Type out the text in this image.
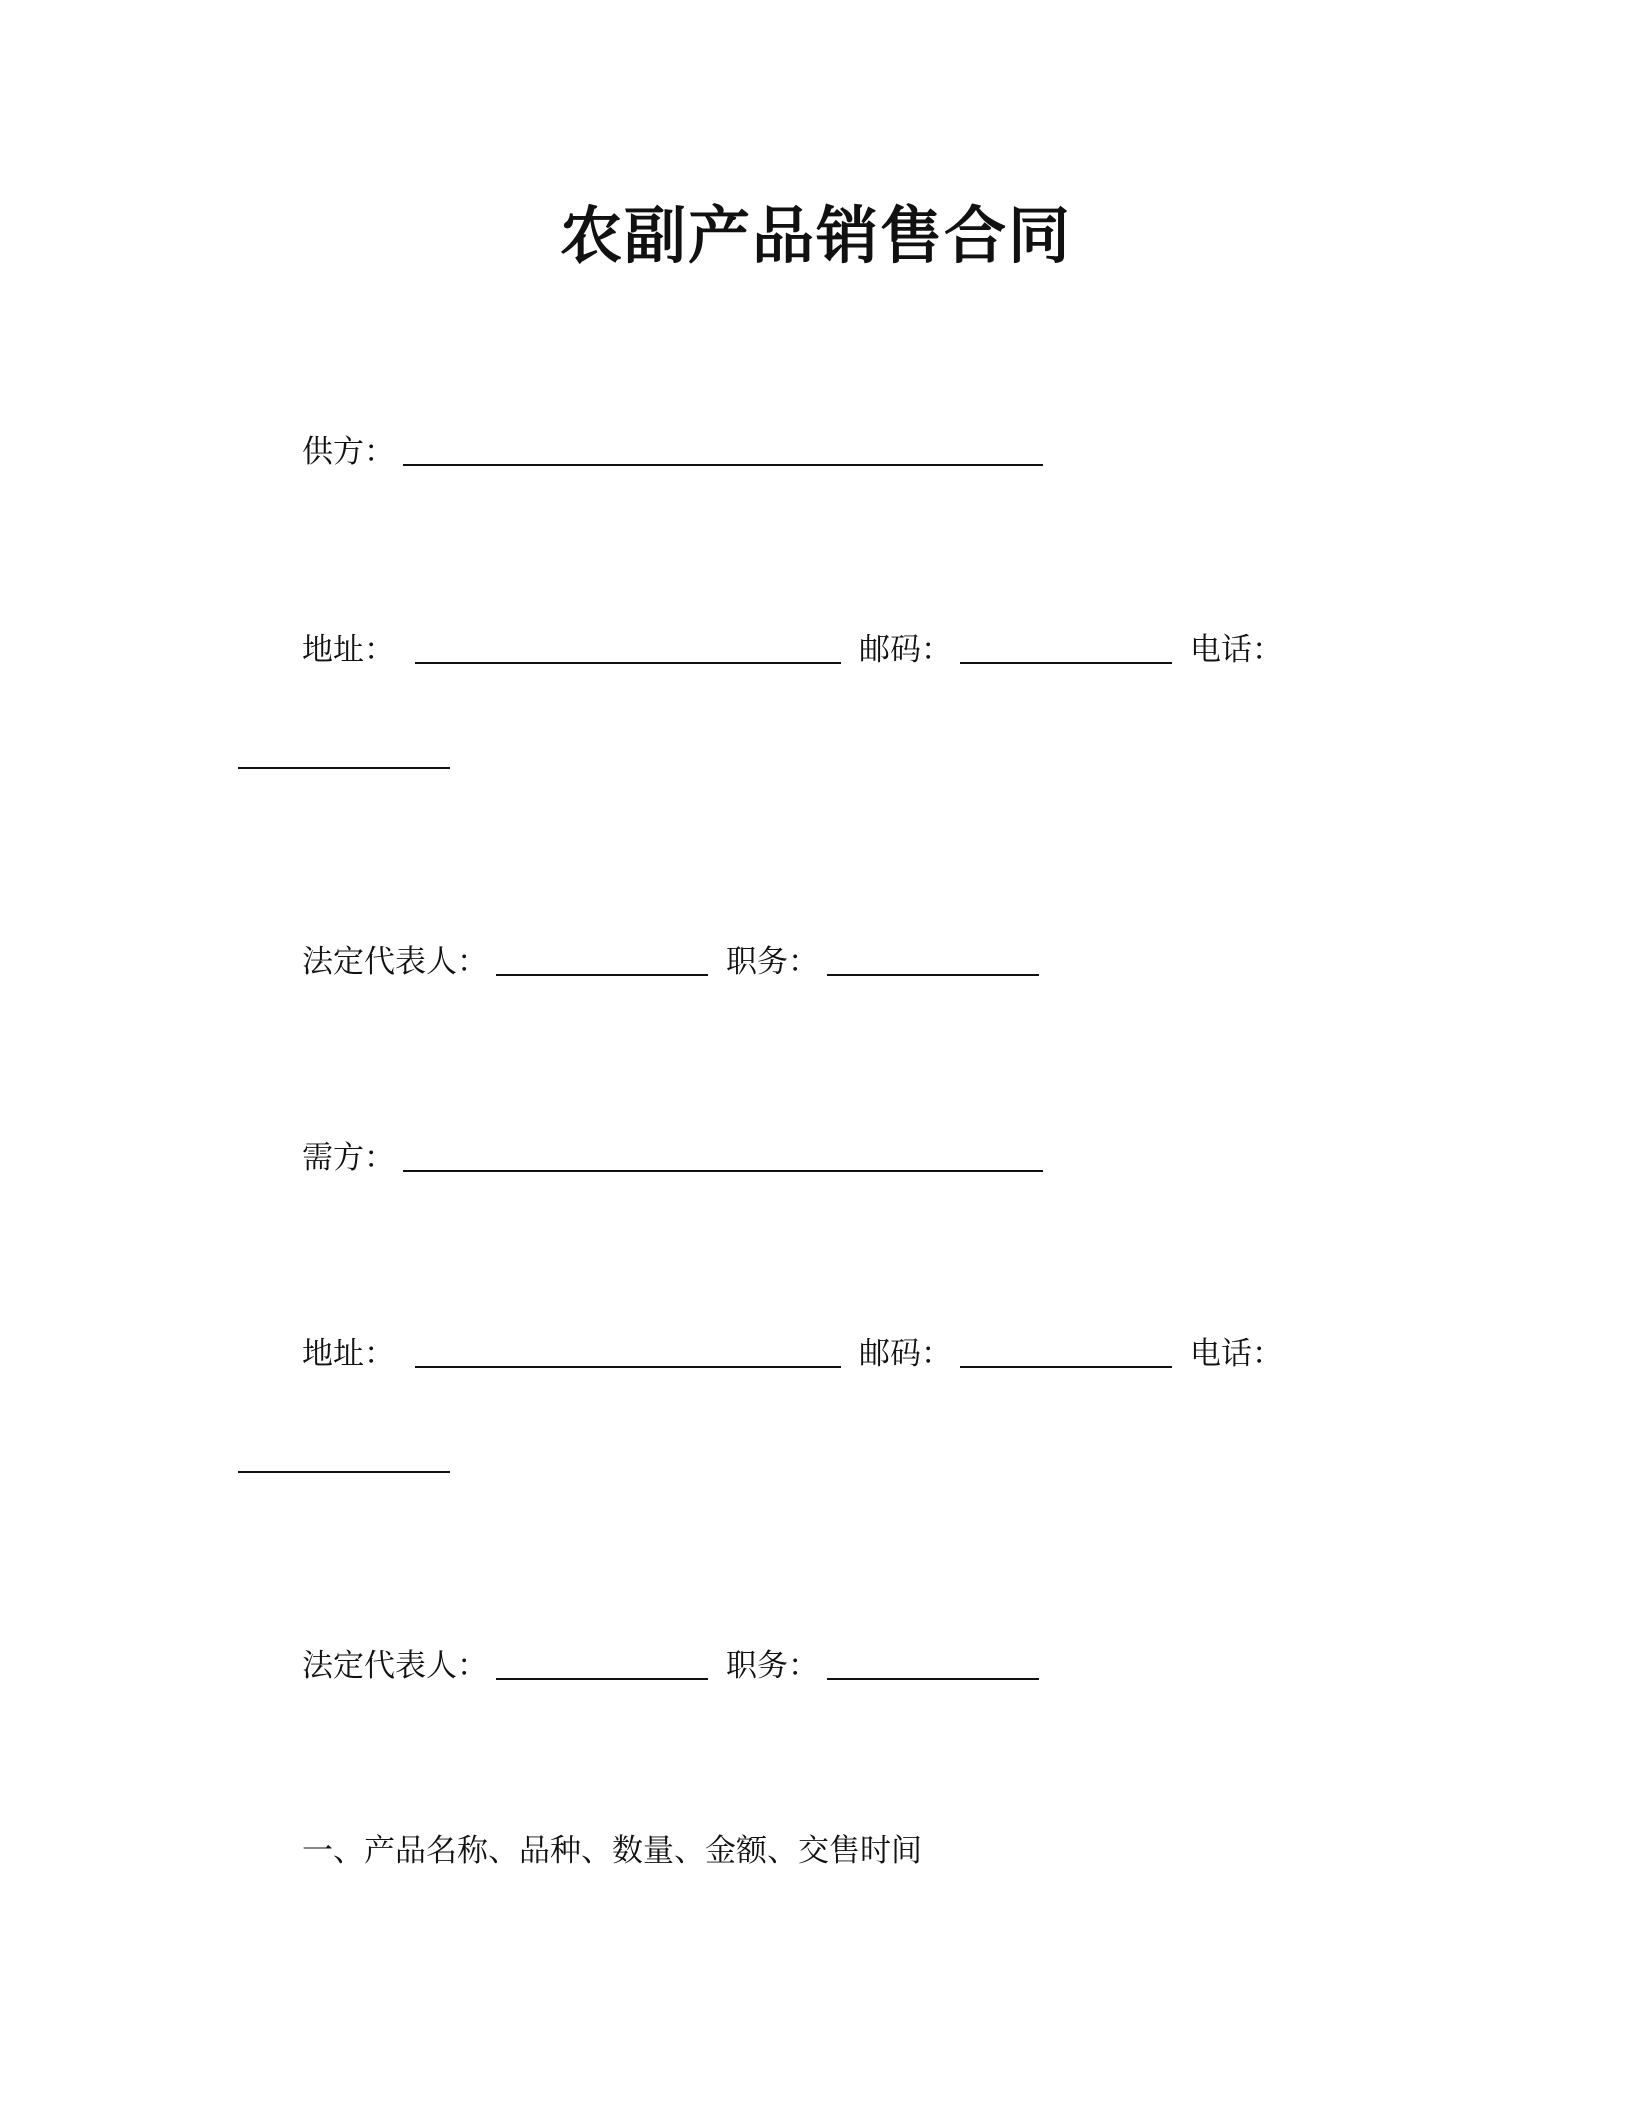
农副产品销售合同
供方：
地址：	邮码：	电话：
法定代表人：	职务：
需方：
地址：	邮码：	电话：
法定代表人：	职务：
一、产品名称、品种、数量、金额、交售时间
